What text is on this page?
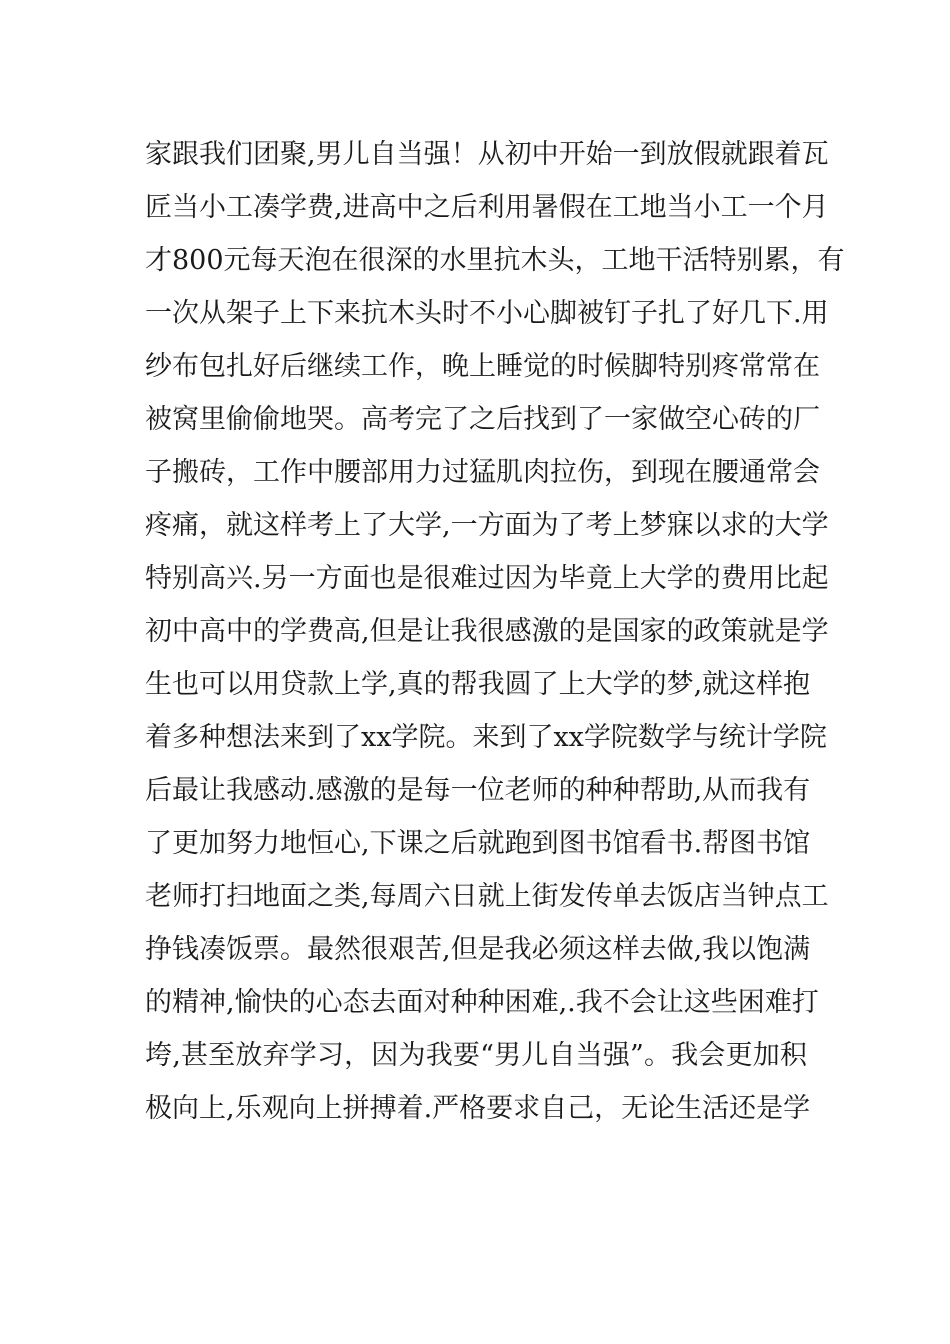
家跟我们团聚,男儿自当强！从初中开始一到放假就跟着瓦
匠当小工凑学费,进高中之后利用暑假在工地当小工一个月
才800元每天泡在很深的水里抗木头，工地干活特别累，有
一次从架子上下来抗木头时不小心脚被钉子扎了好几下.用
纱布包扎好后继续工作，晚上睡觉的时候脚特别疼常常在
被窝里偷偷地哭。高考完了之后找到了一家做空心砖的厂
子搬砖，工作中腰部用力过猛肌肉拉伤，到现在腰通常会
疼痛，就这样考上了大学,一方面为了考上梦寐以求的大学
特别高兴.另一方面也是很难过因为毕竟上大学的费用比起
初中高中的学费高,但是让我很感激的是国家的政策就是学
生也可以用贷款上学,真的帮我圆了上大学的梦,就这样抱
着多种想法来到了xx学院。来到了xx学院数学与统计学院
后最让我感动.感激的是每一位老师的种种帮助,从而我有
了更加努力地恒心,下课之后就跑到图书馆看书.帮图书馆
老师打扫地面之类,每周六日就上街发传单去饭店当钟点工
挣钱凑饭票。最然很艰苦,但是我必须这样去做,我以饱满
的精神,愉快的心态去面对种种困难,.我不会让这些困难打
垮,甚至放弃学习，因为我要“男儿自当强”。我会更加积
极向上,乐观向上拼搏着.严格要求自己，无论生活还是学
